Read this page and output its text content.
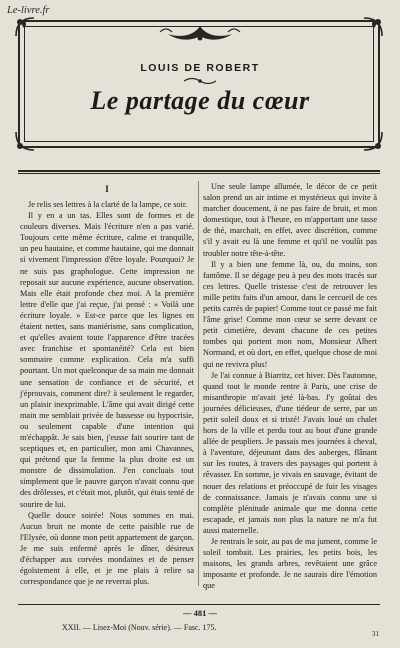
Le-livre.fr
LOUIS DE ROBERT
Le partage du cœur
I

Je relis ses lettres à la clarté de la lampe, ce soir.

Il y en a un tas. Elles sont de formes et de couleurs diverses. Mais l'écriture n'en a pas varié. Toujours cette même écriture, calme et tranquille, un peu hautaine, et comme hautaine, qui me donnait si vivement l'impression d'être loyale. Pourquoi? Je ne suis pas graphologue. Cette impression ne reposait sur aucune expérience, aucune observation. Mais elle était profonde chez moi. A la première lettre d'elle que j'ai reçue, j'ai pensé : « Voilà une écriture loyale. » Est-ce parce que les lignes en étaient nettes, sans maniérisme, sans complication, et qu'elles avaient toute l'apparence d'être tracées avec franchise et spontanéité? Cela est bien sommaire comme explication. Cela m'a suffi pourtant. Un mot quelconque de sa main me donnait une sensation de confiance et de sécurité, et j'éprouvais, comment dire? à seulement le regarder, un plaisir inexprimable. L'âme qui avait dirigé cette main me semblait privée de bassesse ou hypocrisie, ou seulement capable d'une intention qui m'échappât. Je sais bien, j'eusse fait sourire tant de sceptiques et, en particulier, mon ami Chavannes, qui prétend que la femme la plus droite est un monstre de dissimulation. J'en concluais tout simplement que le pauvre garçon n'avait connu que des drôlesses, et c'était moi, plutôt, qui étais tenté de sourire de lui.

Quelle douce soirée! Nous sommes en mai. Aucun bruit ne monte de cette paisible rue de l'Elysée, où donne mon petit appartement de garçon. Je me suis enfermé après le dîner, désireux d'échapper aux corvées mondaines et de penser égoïstement à elle, et je me plais à relire sa correspondance que je ne reverrai plus.

Une seule lampe allumée, le décor de ce petit salon prend un air intime et mystérieux qui invite à marcher doucement, à ne pas faire de bruit, et mon domestique, tout à l'heure, en m'apportant une tasse de thé, marchait, en effet, avec discrétion, comme s'il y avait eu là une femme et qu'il ne voulût pas troubler notre tête-à-tête.

Il y a bien une femme là, ou, du moins, son fantôme. Il se dégage peu à peu des mots tracés sur ces lettres. Quelle tristesse c'est de retrouver les mille petits faits d'un amour, dans le cercueil de ces petits carrés de papier! Comme tout ce passé me fait l'âme grise! Comme mon cœur se serre devant ce petit cimetière, devant chacune de ces petites tombes qui portent mon nom, Monsieur Albert Normand, et où dort, en effet, quelque chose de moi qui ne revivra plus!

Je l'ai connue à Biarritz, cet hiver. Dès l'automne, quand tout le monde rentre à Paris, une crise de misanthropie m'avait jeté là-bas. J'y goûtai des journées délicieuses, d'une tiédeur de serre, par un petit soleil doux et si tristé! J'avais loué un chalet hors de la ville et perdu tout au bout d'une grande allée de peupliers. Je passais mes journées à cheval, à l'aventure, déjeunant dans des auberges, flânant sur les routes, à travers des paysages qui portent à rêvasser. En somme, je vivais en sauvage, évitant de nouer des relations et préoccupé de fuir les visages de connaissance. Jamais je n'avais connu une si complète plénitude animale que me donna cette escapade, et jamais non plus la nature ne m'a fut aussi maternelle.

Je rentrais le soir, au pas de ma jument, comme le soleil tombait. Les prairies, les petits bois, les maisons, les grands arbres, revêtaient une grâce imposante et profonde. Je ne saurais dire l'émotion que

— 481 —
XXII. — Lisez-Moi (Nouv. série). — Fasc. 175.
31
